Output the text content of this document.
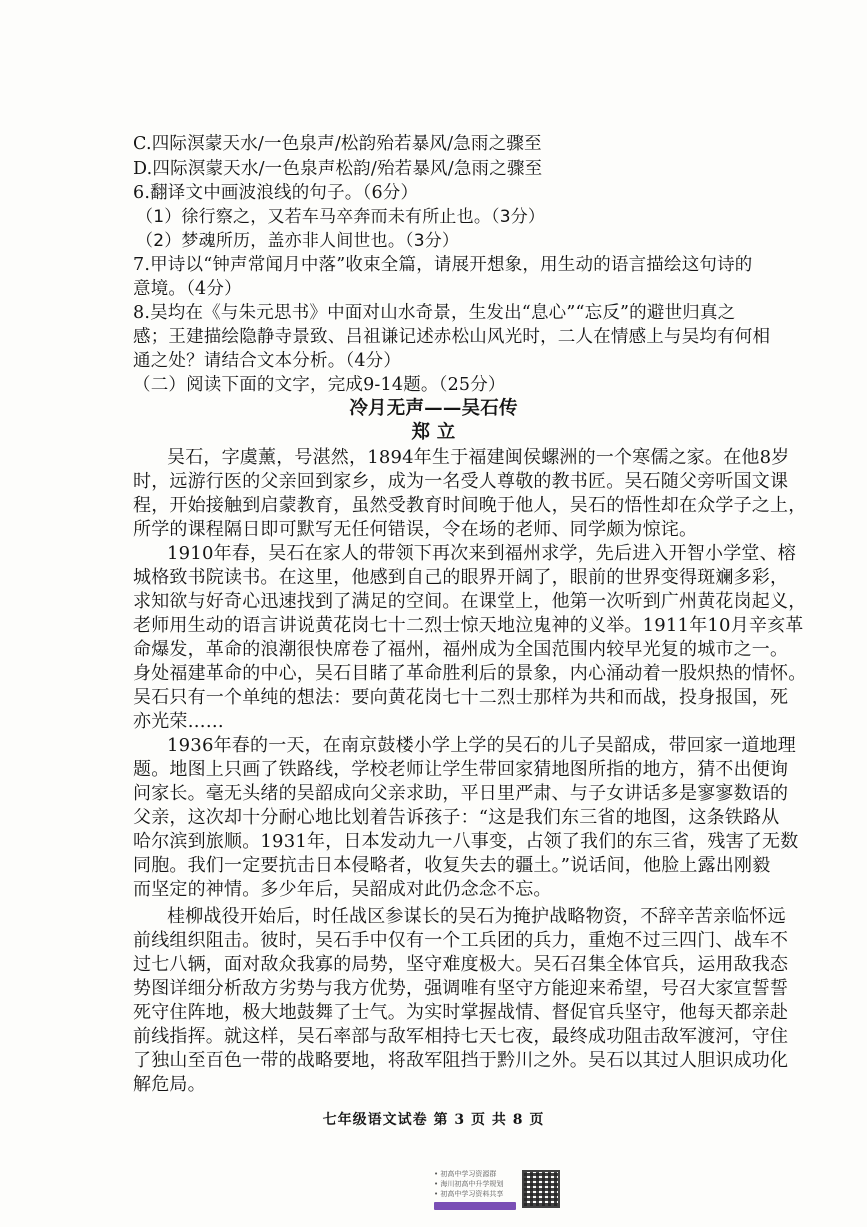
C.四际溟蒙天水/一色泉声/松韵殆若暴风/急雨之骤至
D.四际溟蒙天水/一色泉声松韵/殆若暴风/急雨之骤至
6.翻译文中画波浪线的句子。（6分）
（1）徐行察之，又若车马卒奔而未有所止也。（3分）
（2）梦魂所历，盖亦非人间世也。（3分）
7.甲诗以“钟声常闻月中落”收束全篇，请展开想象，用生动的语言描绘这句诗的
意境。（4分）
8.吴均在《与朱元思书》中面对山水奇景，生发出“息心”“忘反”的避世归真之
感；王建描绘隐静寺景致、吕祖谦记述赤松山风光时，二人在情感上与吴均有何相
通之处？请结合文本分析。（4分）
（二）阅读下面的文字，完成9-14题。（25分）
冷月无声——吴石传
郑 立
吴石，字虞薰，号湛然，1894年生于福建闽侯螺洲的一个寒儒之家。在他8岁
时，远游行医的父亲回到家乡，成为一名受人尊敬的教书匠。吴石随父旁听国文课
程，开始接触到启蒙教育，虽然受教育时间晚于他人，吴石的悟性却在众学子之上，
所学的课程隔日即可默写无任何错误，令在场的老师、同学颇为惊诧。
1910年春，吴石在家人的带领下再次来到福州求学，先后进入开智小学堂、榕
城格致书院读书。在这里，他感到自己的眼界开阔了，眼前的世界变得斑斓多彩，
求知欲与好奇心迅速找到了满足的空间。在课堂上，他第一次听到广州黄花岗起义，
老师用生动的语言讲说黄花岗七十二烈士惊天地泣鬼神的义举。1911年10月辛亥革
命爆发，革命的浪潮很快席卷了福州，福州成为全国范围内较早光复的城市之一。
身处福建革命的中心，吴石目睹了革命胜利后的景象，内心涌动着一股炽热的情怀。
吴石只有一个单纯的想法：要向黄花岗七十二烈士那样为共和而战，投身报国，死
亦光荣……
1936年春的一天，在南京鼓楼小学上学的吴石的儿子吴韶成，带回家一道地理
题。地图上只画了铁路线，学校老师让学生带回家猜地图所指的地方，猜不出便询
问家长。毫无头绪的吴韶成向父亲求助，平日里严肃、与子女讲话多是寥寥数语的
父亲，这次却十分耐心地比划着告诉孩子：“这是我们东三省的地图，这条铁路从
哈尔滨到旅顺。1931年，日本发动九一八事变，占领了我们的东三省，残害了无数
同胞。我们一定要抗击日本侵略者，收复失去的疆土。”说话间，他脸上露出刚毅
而坚定的神情。多少年后，吴韶成对此仍念念不忘。
桂柳战役开始后，时任战区参谋长的吴石为掩护战略物资，不辞辛苦亲临怀远
前线组织阻击。彼时，吴石手中仅有一个工兵团的兵力，重炮不过三四门、战车不
过七八辆，面对敌众我寡的局势，坚守难度极大。吴石召集全体官兵，运用敌我态
势图详细分析敌方劣势与我方优势，强调唯有坚守方能迎来希望，号召大家宣誓誓
死守住阵地，极大地鼓舞了士气。为实时掌握战情、督促官兵坚守，他每天都亲赴
前线指挥。就这样，吴石率部与敌军相持七天七夜，最终成功阻击敌军渡河，守住
了独山至百色一带的战略要地，将敌军阻挡于黔川之外。吴石以其过人胆识成功化
解危局。
七年级语文试卷 第 3 页 共 8 页
• 初高中学习资源群
• 海川初高中升学规划
• 初高中学习资料共享
